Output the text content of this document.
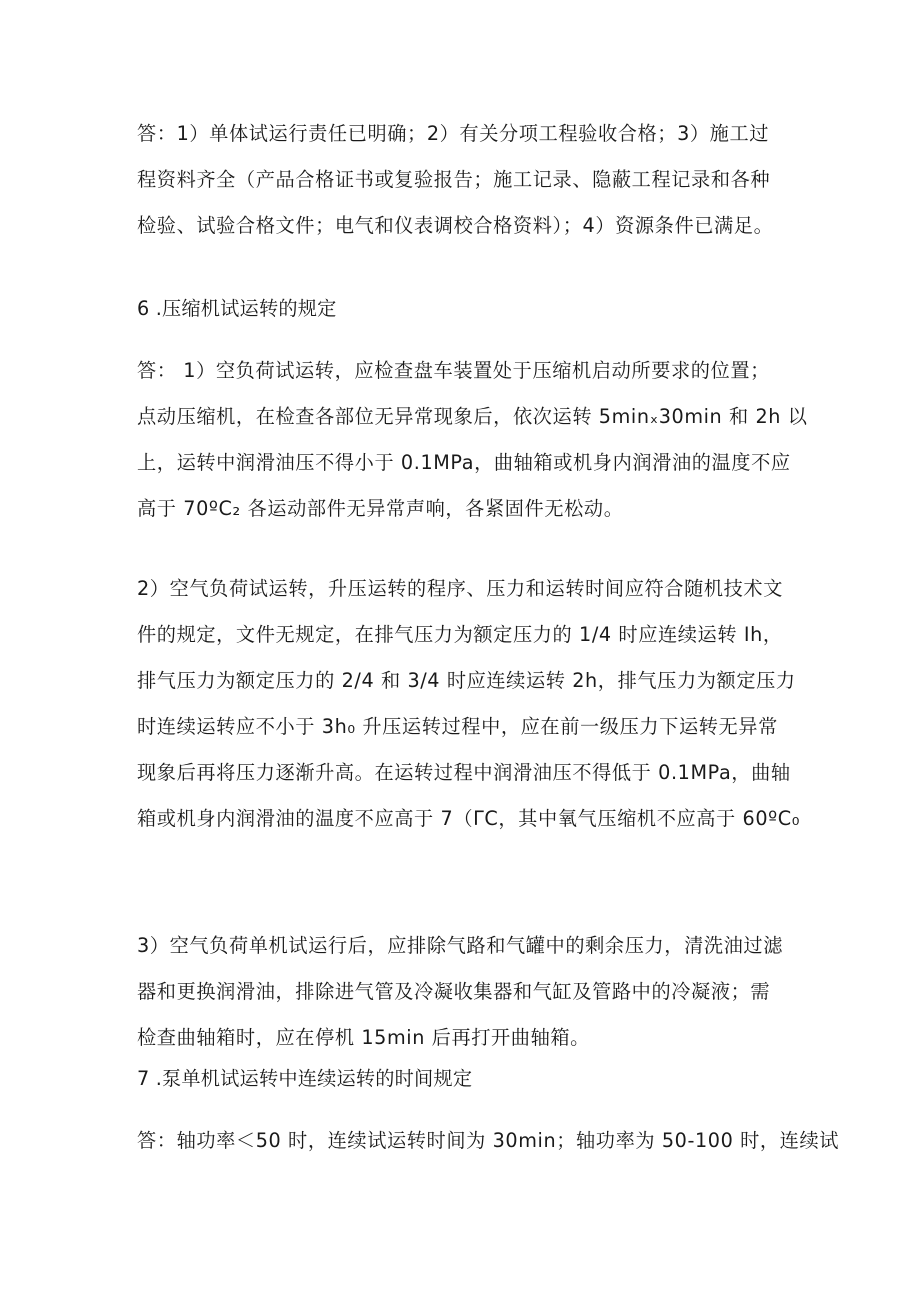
答：1）单体试运行责任已明确；2）有关分项工程验收合格；3）施工过
程资料齐全（产品合格证书或复验报告；施工记录、隐蔽工程记录和各种
检验、试验合格文件；电气和仪表调校合格资料）；4）资源条件已满足。
6 .压缩机试运转的规定
答： 1）空负荷试运转，应检查盘车装置处于压缩机启动所要求的位置；
点动压缩机，在检查各部位无异常现象后，依次运转 5minₓ30min 和 2h 以
上，运转中润滑油压不得小于 0.1MPa，曲轴箱或机身内润滑油的温度不应
高于 70ºC₂ 各运动部件无异常声响，各紧固件无松动。
2）空气负荷试运转，升压运转的程序、压力和运转时间应符合随机技术文
件的规定，文件无规定，在排气压力为额定压力的 1/4 时应连续运转 Ih，
排气压力为额定压力的 2/4 和 3/4 时应连续运转 2h，排气压力为额定压力
时连续运转应不小于 3h₀ 升压运转过程中，应在前一级压力下运转无异常
现象后再将压力逐渐升高。在运转过程中润滑油压不得低于 0.1MPa，曲轴
箱或机身内润滑油的温度不应高于 7（ΓC，其中氧气压缩机不应高于 60ºC₀
3）空气负荷单机试运行后，应排除气路和气罐中的剩余压力，清洗油过滤
器和更换润滑油，排除进气管及冷凝收集器和气缸及管路中的冷凝液；需
检查曲轴箱时，应在停机 15min 后再打开曲轴箱。
7 .泵单机试运转中连续运转的时间规定
答：轴功率＜50 时，连续试运转时间为 30min；轴功率为 50-100 时，连续试
